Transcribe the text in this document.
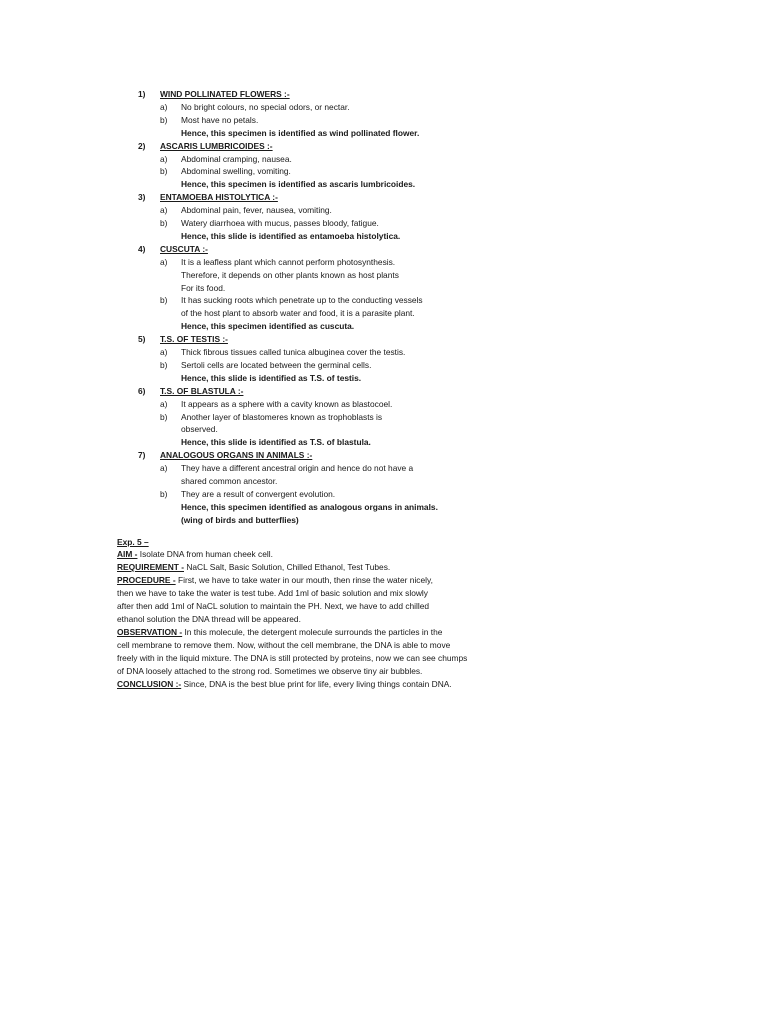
1) WIND POLLINATED FLOWERS :-
a) No bright colours, no special odors, or nectar.
b) Most have no petals.
Hence, this specimen is identified as wind pollinated flower.
2) ASCARIS LUMBRICOIDES :-
a) Abdominal cramping, nausea.
b) Abdominal swelling, vomiting.
Hence, this specimen is identified as ascaris lumbricoides.
3) ENTAMOEBA HISTOLYTICA :-
a) Abdominal pain, fever, nausea, vomiting.
b) Watery diarrhoea with mucus, passes bloody, fatigue.
Hence, this slide is identified as entamoeba histolytica.
4) CUSCUTA :-
a) It is a leafless plant which cannot perform photosynthesis.
Therefore, it depends on other plants known as host plants
For its food.
b) It has sucking roots which penetrate up to the conducting vessels
of the host plant to absorb water and food, it is a parasite plant.
Hence, this specimen identified as cuscuta.
5) T.S. OF TESTIS :-
a) Thick fibrous tissues called tunica albuginea cover the testis.
b) Sertoli cells are located between the germinal cells.
Hence, this slide is identified as T.S. of testis.
6) T.S. OF BLASTULA :-
a) It appears as a sphere with a cavity known as blastocoel.
b) Another layer of blastomeres known as trophoblasts is
observed.
Hence, this slide is identified as T.S. of blastula.
7) ANALOGOUS ORGANS IN ANIMALS :-
a) They have a different ancestral origin and hence do not have a
shared common ancestor.
b) They are a result of convergent evolution.
Hence, this specimen identified as analogous organs in animals.
(wing of birds and butterflies)
Exp. 5 –
AIM - Isolate DNA from human cheek cell.
REQUIREMENT - NaCL Salt, Basic Solution, Chilled Ethanol, Test Tubes.
PROCEDURE - First, we have to take water in our mouth, then rinse the water nicely,
then we have to take the water is test tube. Add 1ml of basic solution and mix slowly
after then add 1ml of NaCL solution to maintain the PH. Next, we have to add chilled
ethanol solution the DNA thread will be appeared.
OBSERVATION - In this molecule, the detergent molecule surrounds the particles in the
cell membrane to remove them. Now, without the cell membrane, the DNA is able to move
freely with in the liquid mixture. The DNA is still protected by proteins, now we can see chumps
of DNA loosely attached to the strong rod. Sometimes we observe tiny air bubbles.
CONCLUSION :- Since, DNA is the best blue print for life, every living things contain DNA.
